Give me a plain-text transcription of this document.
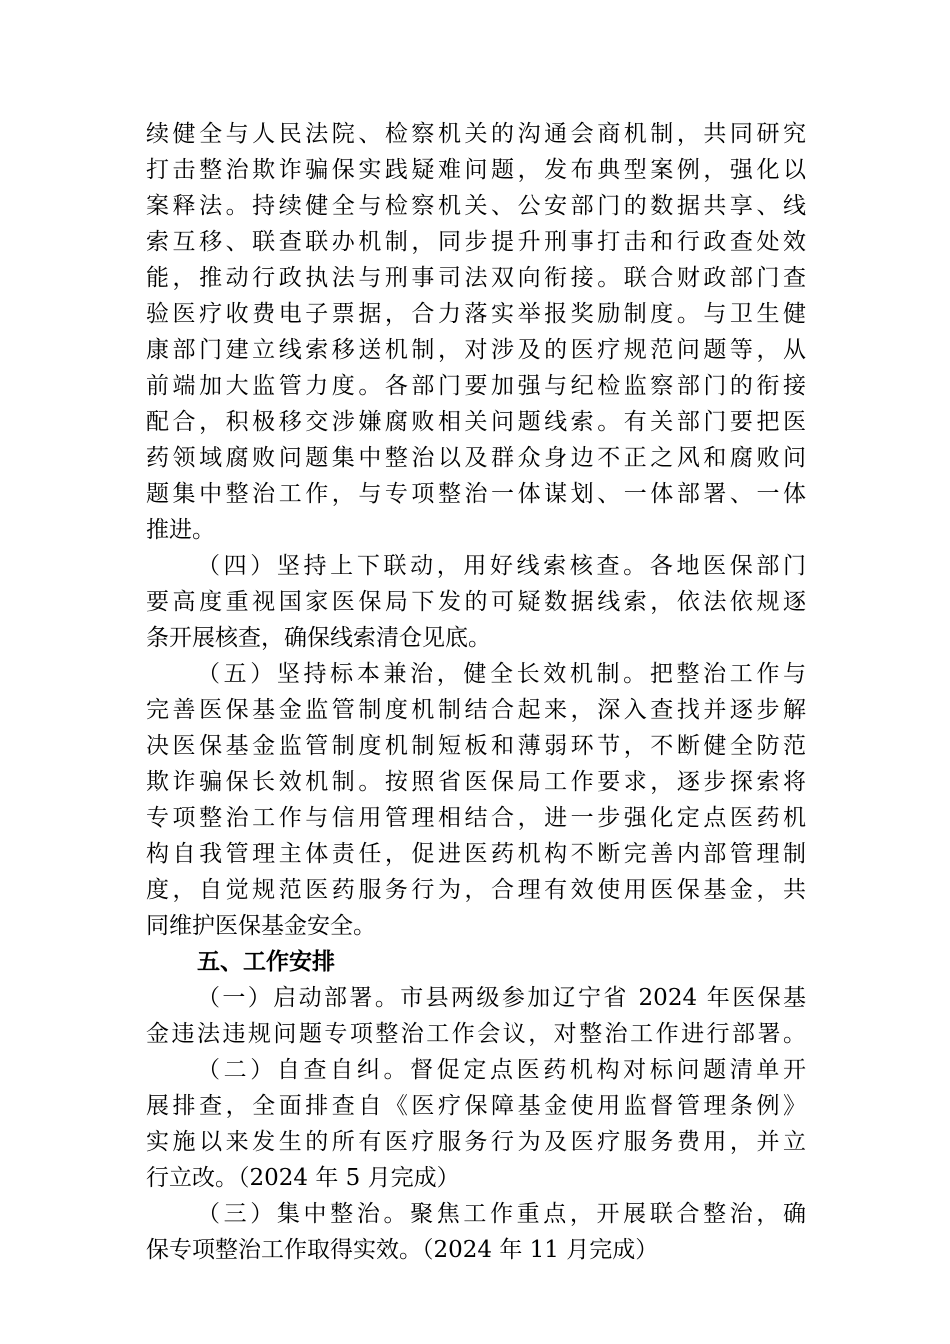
续健全与人民法院、检察机关的沟通会商机制，共同研究
打击整治欺诈骗保实践疑难问题，发布典型案例，强化以
案释法。持续健全与检察机关、公安部门的数据共享、线
索互移、联查联办机制，同步提升刑事打击和行政查处效
能，推动行政执法与刑事司法双向衔接。联合财政部门查
验医疗收费电子票据，合力落实举报奖励制度。与卫生健
康部门建立线索移送机制，对涉及的医疗规范问题等，从
前端加大监管力度。各部门要加强与纪检监察部门的衔接
配合，积极移交涉嫌腐败相关问题线索。有关部门要把医
药领域腐败问题集中整治以及群众身边不正之风和腐败问
题集中整治工作，与专项整治一体谋划、一体部署、一体
推进。
（四）坚持上下联动，用好线索核查。各地医保部门
要高度重视国家医保局下发的可疑数据线索，依法依规逐
条开展核查，确保线索清仓见底。
（五）坚持标本兼治，健全长效机制。把整治工作与
完善医保基金监管制度机制结合起来，深入查找并逐步解
决医保基金监管制度机制短板和薄弱环节，不断健全防范
欺诈骗保长效机制。按照省医保局工作要求，逐步探索将
专项整治工作与信用管理相结合，进一步强化定点医药机
构自我管理主体责任，促进医药机构不断完善内部管理制
度，自觉规范医药服务行为，合理有效使用医保基金，共
同维护医保基金安全。
五、工作安排
（一）启动部署。市县两级参加辽宁省 2024 年医保基
金违法违规问题专项整治工作会议，对整治工作进行部署。
（二）自查自纠。督促定点医药机构对标问题清单开
展排查，全面排查自《医疗保障基金使用监督管理条例》
实施以来发生的所有医疗服务行为及医疗服务费用，并立
行立改。（2024 年 5 月完成）
（三）集中整治。聚焦工作重点，开展联合整治，确
保专项整治工作取得实效。（2024 年 11 月完成）
